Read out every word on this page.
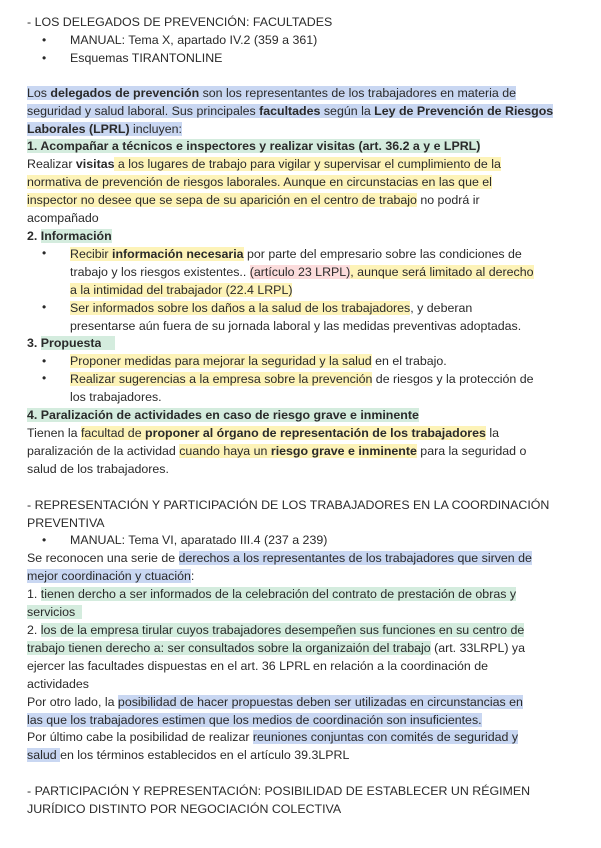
- LOS DELEGADOS DE PREVENCIÓN: FACULTADES
• MANUAL: Tema X, apartado IV.2 (359 a 361)
• Esquemas TIRANTONLINE
Los delegados de prevención son los representantes de los trabajadores en materia de
seguridad y salud laboral. Sus principales facultades según la Ley de Prevención de Riesgos
Laborales (LPRL) incluyen:
1. Acompañar a técnicos e inspectores y realizar visitas (art. 36.2 a y e LPRL)
Realizar visitas a los lugares de trabajo para vigilar y supervisar el cumplimiento de la
normativa de prevención de riesgos laborales. Aunque en circunstacias en las que el
inspector no desee que se sepa de su aparición en el centro de trabajo no podrá ir
acompañado
2. Información
• Recibir información necesaria por parte del empresario sobre las condiciones de
trabajo y los riesgos existentes.. (artículo 23 LRPL), aunque será limitado al derecho
a la intimidad del trabajador (22.4 LRPL)
• Ser informados sobre los daños a la salud de los trabajadores, y deberan
presentarse aún fuera de su jornada laboral y las medidas preventivas adoptadas.
3. Propuesta
• Proponer medidas para mejorar la seguridad y la salud en el trabajo.
• Realizar sugerencias a la empresa sobre la prevención de riesgos y la protección de
los trabajadores.
4. Paralización de actividades en caso de riesgo grave e inminente
Tienen la facultad de proponer al órgano de representación de los trabajadores la
paralización de la actividad cuando haya un riesgo grave e inminente para la seguridad o
salud de los trabajadores.
- REPRESENTACIÓN Y PARTICIPACIÓN DE LOS TRABAJADORES EN LA COORDINACIÓN
PREVENTIVA
• MANUAL: Tema VI, aparatado III.4 (237 a 239)
Se reconocen una serie de derechos a los representantes de los trabajadores que sirven de
mejor coordinación y ctuación:
1. tienen dercho a ser informados de la celebración del contrato de prestación de obras y
servicios
2. los de la empresa tirular cuyos trabajadores desempeñen sus funciones en su centro de
trabajo tienen derecho a: ser consultados sobre la organizaión del trabajo (art. 33LRPL) ya
ejercer las facultades dispuestas en el art. 36 LPRL en relación a la coordinación de
actividades
Por otro lado, la posibilidad de hacer propuestas deben ser utilizadas en circunstancias en
las que los trabajadores estimen que los medios de coordinación son insuficientes.
Por último cabe la posibilidad de realizar reuniones conjuntas con comités de seguridad y
salud en los términos establecidos en el artículo 39.3LPRL
- PARTICIPACIÓN Y REPRESENTACIÓN: POSIBILIDAD DE ESTABLECER UN RÉGIMEN
JURÍDICO DISTINTO POR NEGOCIACIÓN COLECTIVA
